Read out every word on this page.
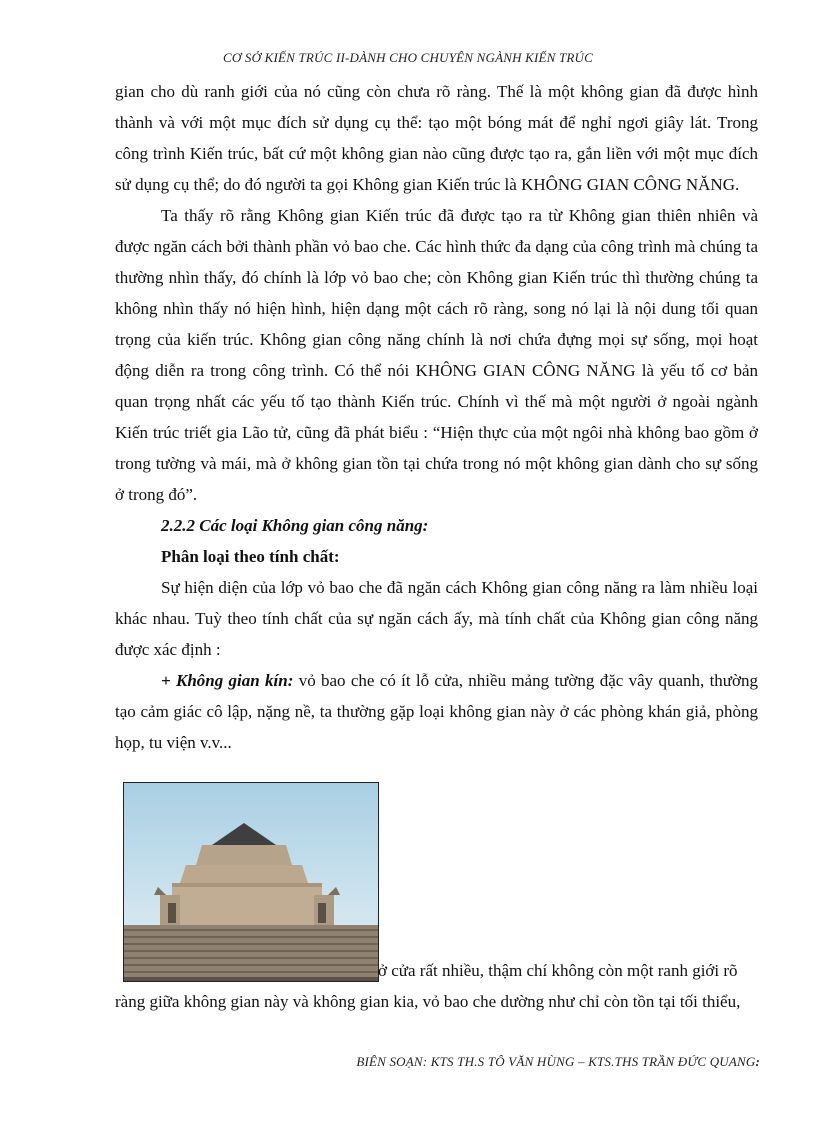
CƠ SỞ KIẾN TRÚC II-DÀNH CHO CHUYÊN NGÀNH KIẾN TRÚC

gian cho dù ranh giới của nó cũng còn chưa rõ ràng. Thế là một không gian đã được hình thành và với một mục đích sử dụng cụ thể: tạo một bóng mát để nghỉ ngơi giây lát. Trong công trình Kiến trúc, bất cứ một không gian nào cũng được tạo ra, gắn liền với một mục đích sử dụng cụ thể; do đó người ta gọi Không gian Kiến trúc là KHÔNG GIAN CÔNG NĂNG.

Ta thấy rõ rằng Không gian Kiến trúc đã được tạo ra từ Không gian thiên nhiên và được ngăn cách bởi thành phần vỏ bao che. Các hình thức đa dạng của công trình mà chúng ta thường nhìn thấy, đó chính là lớp vỏ bao che; còn Không gian Kiến trúc thì thường chúng ta không nhìn thấy nó hiện hình, hiện dạng một cách rõ ràng, song nó lại là nội dung tối quan trọng của kiến trúc. Không gian công năng chính là nơi chứa đựng mọi sự sống, mọi hoạt động diễn ra trong công trình. Có thể nói KHÔNG GIAN CÔNG NĂNG là yếu tố cơ bản quan trọng nhất các yếu tố tạo thành Kiến trúc. Chính vì thế mà một người ở ngoài ngành Kiến trúc triết gia Lão tử, cũng đã phát biểu : “Hiện thực của một ngôi nhà không bao gồm ở trong tường và mái, mà ở không gian tồn tại chứa trong nó một không gian dành cho sự sống ở trong đó”.

2.2.2 Các loại Không gian công năng:

Phân loại theo tính chất:

Sự hiện diện của lớp vỏ bao che đã ngăn cách Không gian công năng ra làm nhiều loại khác nhau. Tuỳ theo tính chất của sự ngăn cách ấy, mà tính chất của Không gian công năng được xác định :

+ Không gian kín: vỏ bao che có ít lỗ cửa, nhiều mảng tường đặc vây quanh, thường tạo cảm giác cô lập, nặng nề, ta thường gặp loại không gian này ở các phòng khán giả, phòng họp, tu viện v.v...

ở cửa rất nhiều, thậm chí không còn một ranh giới rõ

ràng giữa không gian này và không gian kia, vỏ bao che dường như chỉ còn tồn tại tối thiểu,

BIÊN SOẠN: KTS TH.S TÔ VĂN HÙNG – KTS.THS TRẦN ĐỨC QUANG:
